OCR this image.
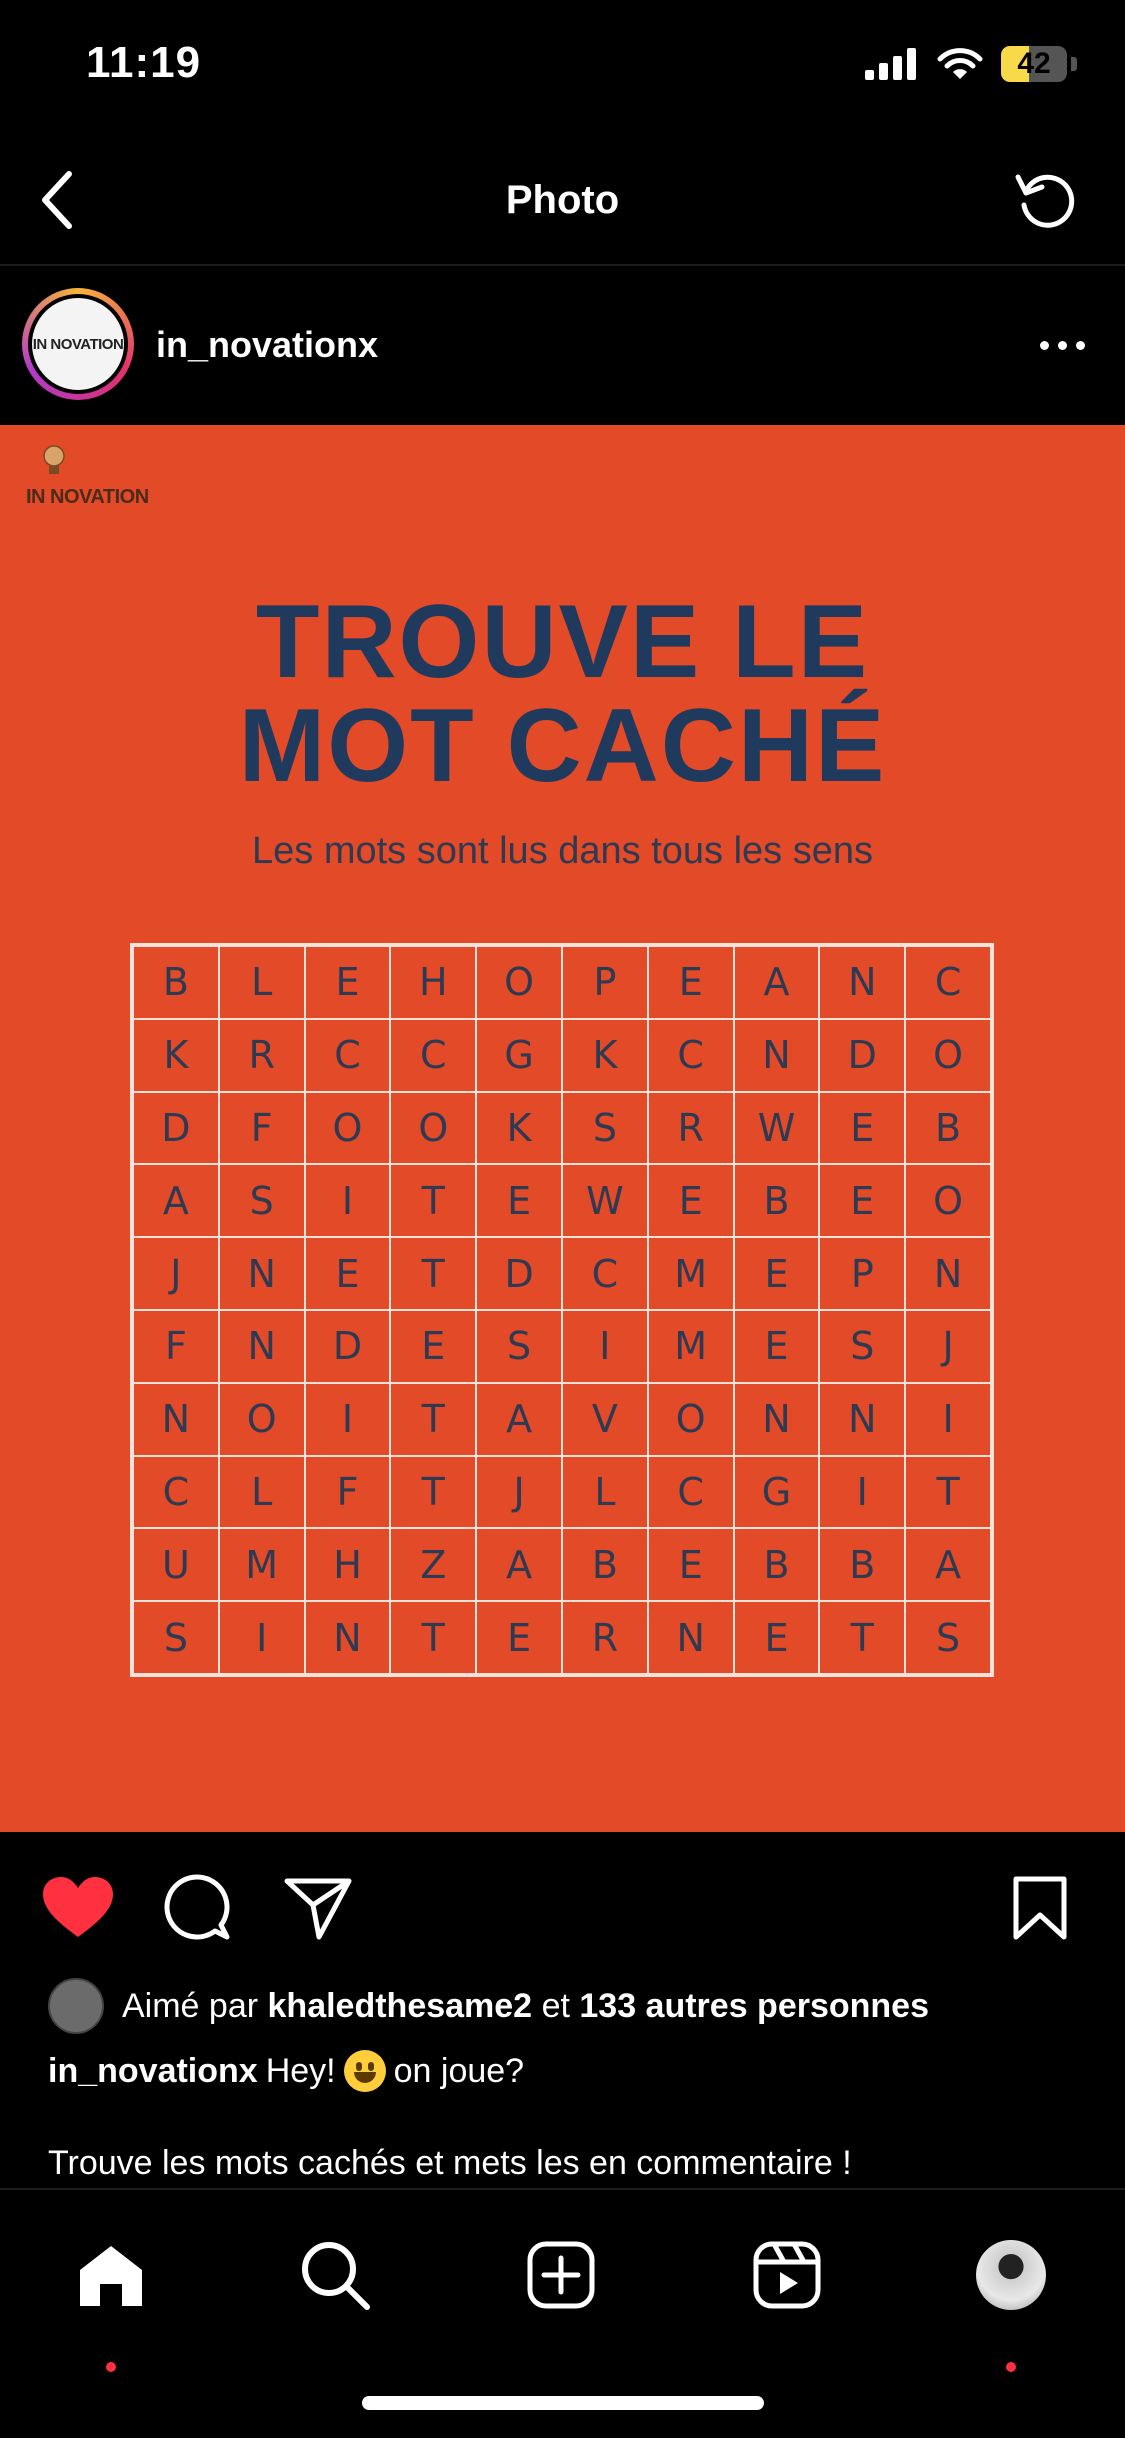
11:19	42
Photo
IN NOVATION in_novationx
IN NOVATION
TROUVE LE
MOT CACHÉ
Les mots sont lus dans tous les sens
B	L	E	H	O	P	E	A	N	C
K	R	C	C	G	K	C	N	D	O
D	F	O	O	K	S	R	W	E	B
A	S	I	T	E	W	E	B	E	O
J	N	E	T	D	C	M	E	P	N
F	N	D	E	S	I	M	E	S	J
N	O	I	T	A	V	O	N	N	I
C	L	F	T	J	L	C	G	I	T
U	M	H	Z	A	B	E	B	B	A
S	I	N	T	E	R	N	E	T	S
Aimé par khaledthesame2 et 133 autres personnes
in_novationx Hey! on joue?
Trouve les mots cachés et mets les en commentaire !
